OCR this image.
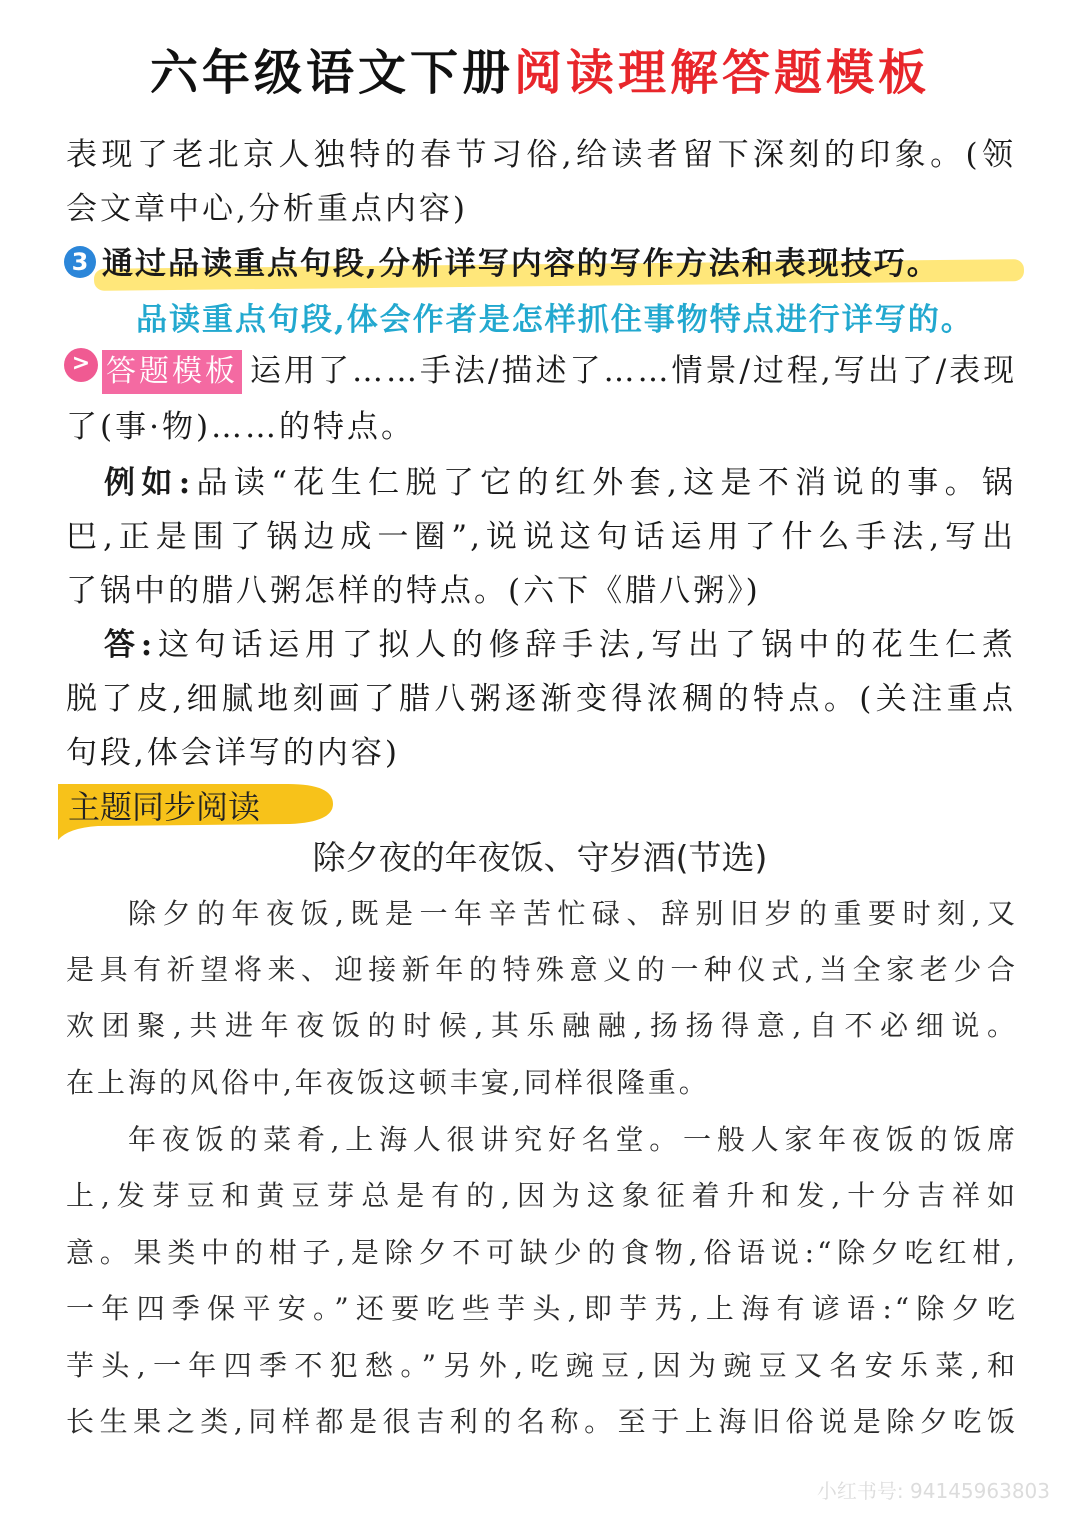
六年级语文下册阅读理解答题模板
表现了老北京人独特的春节习俗,给读者留下深刻的印象。(领
会文章中心,分析重点内容)
3 通过品读重点句段,分析详写内容的写作方法和表现技巧。
品读重点句段,体会作者是怎样抓住事物特点进行详写的。
> 答题模板 运用了……手法/描述了……情景/过程,写出了/表现
了(事·物)……的特点。
例如:品读“花生仁脱了它的红外套,这是不消说的事。锅
巴,正是围了锅边成一圈”,说说这句话运用了什么手法,写出
了锅中的腊八粥怎样的特点。(六下《腊八粥》)
答:这句话运用了拟人的修辞手法,写出了锅中的花生仁煮
脱了皮,细腻地刻画了腊八粥逐渐变得浓稠的特点。(关注重点
句段,体会详写的内容)
主题同步阅读
除夕夜的年夜饭、守岁酒(节选)
除夕的年夜饭,既是一年辛苦忙碌、辞别旧岁的重要时刻,又
是具有祈望将来、迎接新年的特殊意义的一种仪式,当全家老少合
欢团聚,共进年夜饭的时候,其乐融融,扬扬得意,自不必细说。
在上海的风俗中,年夜饭这顿丰宴,同样很隆重。
年夜饭的菜肴,上海人很讲究好名堂。一般人家年夜饭的饭席
上,发芽豆和黄豆芽总是有的,因为这象征着升和发,十分吉祥如
意。果类中的柑子,是除夕不可缺少的食物,俗语说:“除夕吃红柑,
一年四季保平安。”还要吃些芋头,即芋艿,上海有谚语:“除夕吃
芋头,一年四季不犯愁。”另外,吃豌豆,因为豌豆又名安乐菜,和
长生果之类,同样都是很吉利的名称。至于上海旧俗说是除夕吃饭
小红书号: 94145963803
